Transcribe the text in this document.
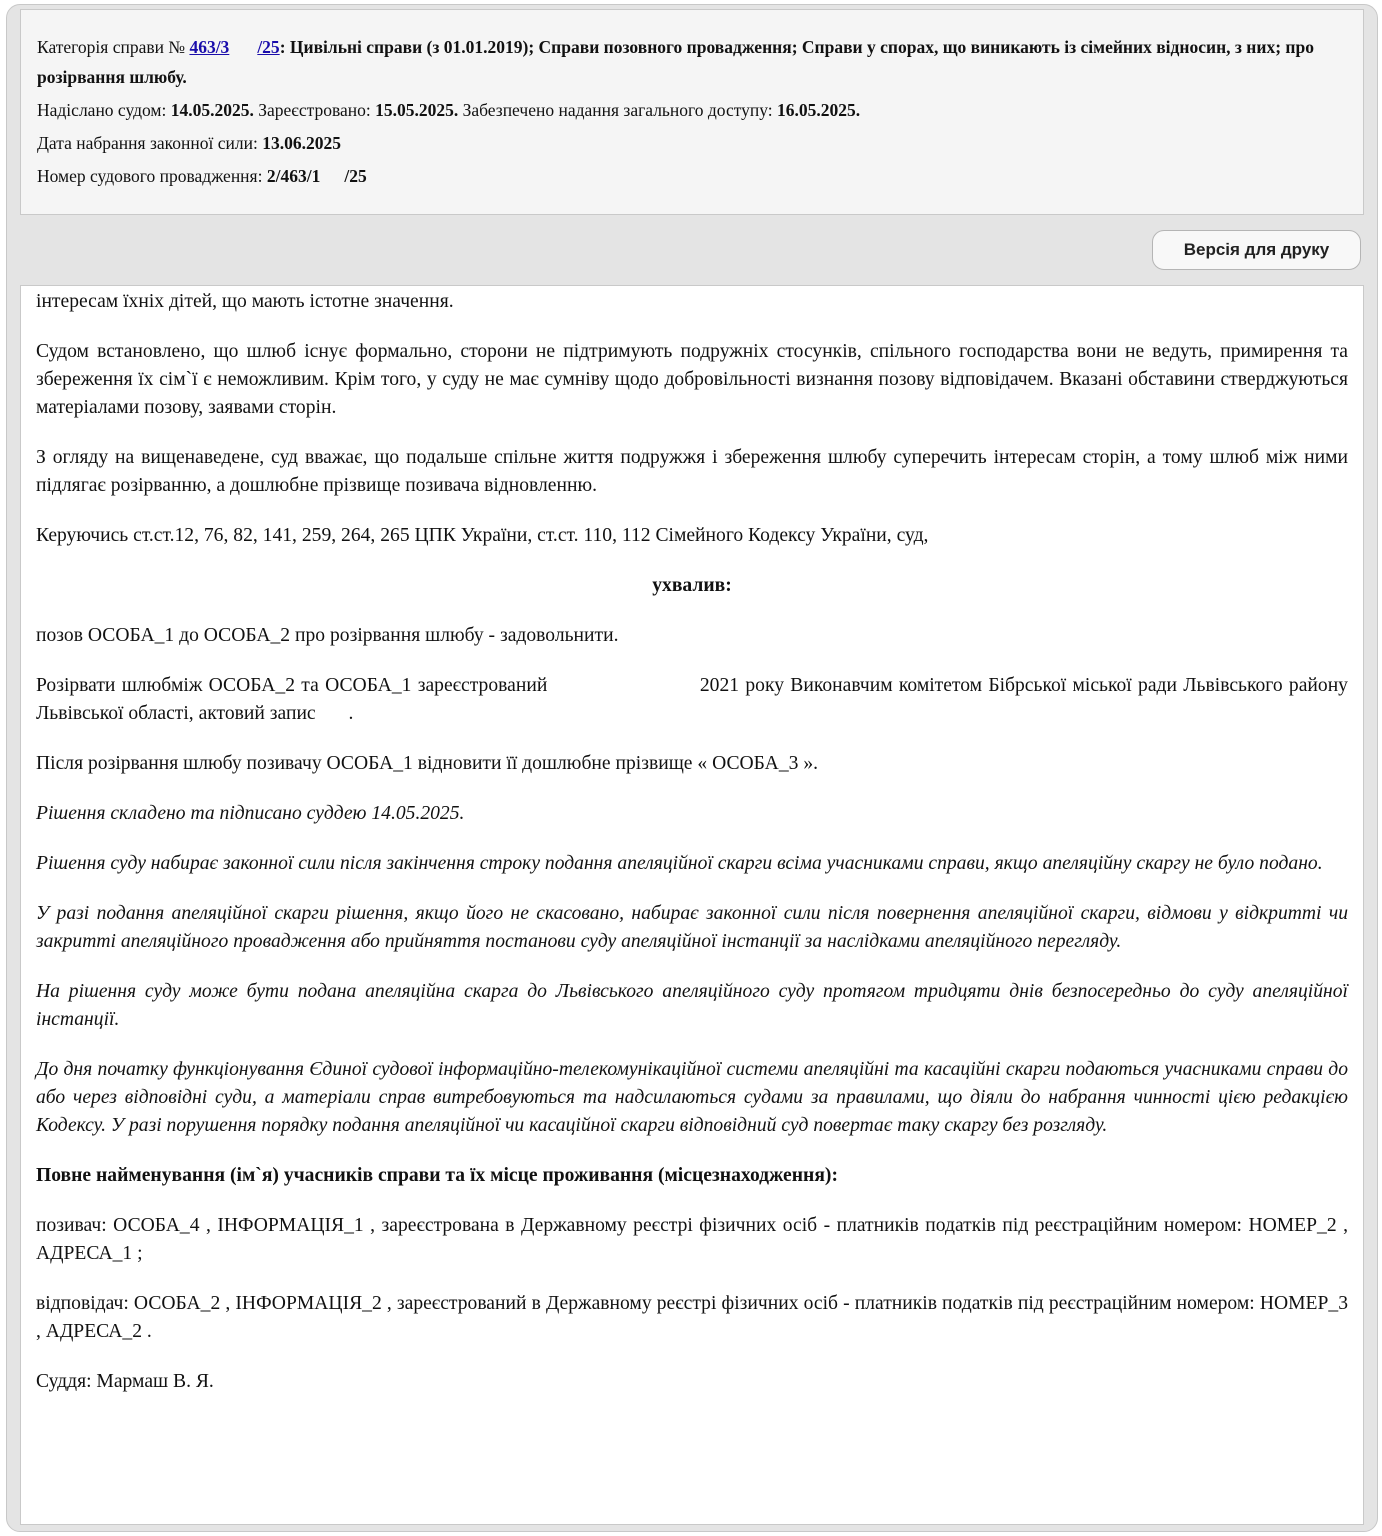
Категорія справи № 463/3 /25: Цивільні справи (з 01.01.2019); Справи позовного провадження; Справи у спорах, що виникають із сімейних відносин, з них; про розірвання шлюбу.
Надіслано судом: 14.05.2025. Зареєстровано: 15.05.2025. Забезпечено надання загального доступу: 16.05.2025.
Дата набрання законної сили: 13.06.2025
Номер судового провадження: 2/463/1 /25
Версія для друку

інтересам їхніх дітей, що мають істотне значення.

Судом встановлено, що шлюб існує формально, сторони не підтримують подружніх стосунків, спільного господарства вони не ведуть, примирення та збереження їх сім`ї є неможливим. Крім того, у суду не має сумніву щодо добровільності визнання позову відповідачем. Вказані обставини стверджуються матеріалами позову, заявами сторін.

З огляду на вищенаведене, суд вважає, що подальше спільне життя подружжя і збереження шлюбу суперечить інтересам сторін, а тому шлюб між ними підлягає розірванню, а дошлюбне прізвище позивача відновленню.

Керуючись ст.ст.12, 76, 82, 141, 259, 264, 265 ЦПК України, ст.ст. 110, 112 Сімейного Кодексу України, суд,

ухвалив:

позов ОСОБА_1 до ОСОБА_2 про розірвання шлюбу - задовольнити.

Розірвати шлюбміж ОСОБА_2 та ОСОБА_1 зареєстрований	2021 року Виконавчим комітетом Бібрської міської ради Львівського району Львівської області, актовий запис .

Після розірвання шлюбу позивачу ОСОБА_1 відновити її дошлюбне прізвище « ОСОБА_3 ».

Рішення складено та підписано суддею 14.05.2025.

Рішення суду набирає законної сили після закінчення строку подання апеляційної скарги всіма учасниками справи, якщо апеляційну скаргу не було подано.

У разі подання апеляційної скарги рішення, якщо його не скасовано, набирає законної сили після повернення апеляційної скарги, відмови у відкритті чи закритті апеляційного провадження або прийняття постанови суду апеляційної інстанції за наслідками апеляційного перегляду.

На рішення суду може бути подана апеляційна скарга до Львівського апеляційного суду протягом тридцяти днів безпосередньо до суду апеляційної інстанції.

До дня початку функціонування Єдиної судової інформаційно-телекомунікаційної системи апеляційні та касаційні скарги подаються учасниками справи до або через відповідні суди, а матеріали справ витребовуються та надсилаються судами за правилами, що діяли до набрання чинності цією редакцією Кодексу. У разі порушення порядку подання апеляційної чи касаційної скарги відповідний суд повертає таку скаргу без розгляду.

Повне найменування (ім`я) учасників справи та їх місце проживання (місцезнаходження):

позивач: ОСОБА_4 , ІНФОРМАЦІЯ_1 , зареєстрована в Державному реєстрі фізичних осіб - платників податків під реєстраційним номером: НОМЕР_2 , АДРЕСА_1 ;

відповідач: ОСОБА_2 , ІНФОРМАЦІЯ_2 , зареєстрований в Державному реєстрі фізичних осіб - платників податків під реєстраційним номером: НОМЕР_3 , АДРЕСА_2 .

Суддя: Мармаш В. Я.
